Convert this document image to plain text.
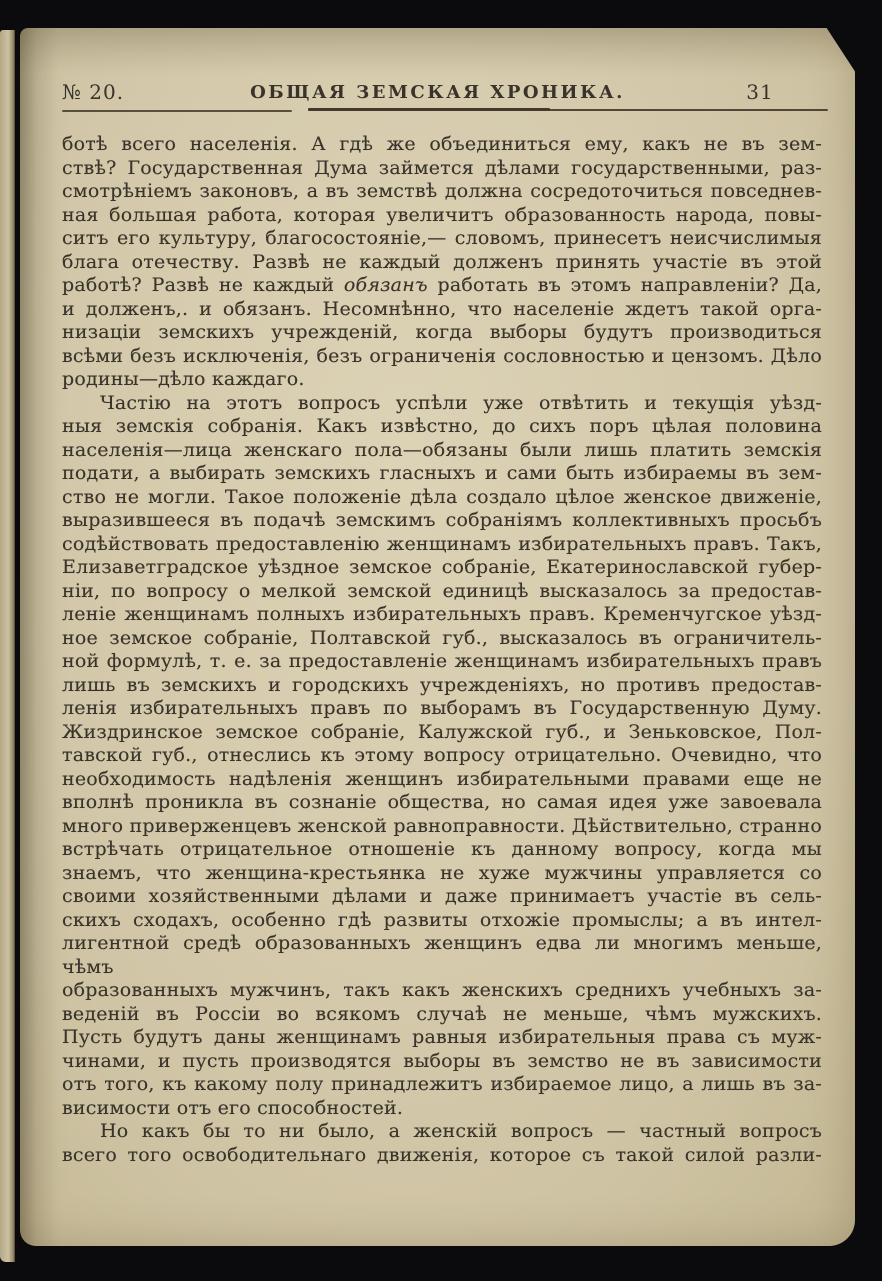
№ 20.	ОБЩАЯ ЗЕМСКАЯ ХРОНИКА.	31
ботѣ всего населенія. А гдѣ же объединиться ему, какъ не въ зем-
ствѣ? Государственная Дума займется дѣлами государственными, раз-
смотрѣніемъ законовъ, а въ земствѣ должна сосредоточиться повседнев-
ная большая работа, которая увеличитъ образованность народа, повы-
ситъ его культуру, благосостояніе,— словомъ, принесетъ неисчислимыя
блага отечеству. Развѣ не каждый долженъ принять участіе въ этой
работѣ? Развѣ не каждый обязанъ работать въ этомъ направленіи? Да,
и долженъ,. и обязанъ. Несомнѣнно, что населеніе ждетъ такой орга-
низаціи земскихъ учрежденій, когда выборы будутъ производиться
всѣми безъ исключенія, безъ ограниченія сословностью и цензомъ. Дѣло
родины—дѣло каждаго.
Частію на этотъ вопросъ успѣли уже отвѣтить и текущія уѣзд-
ныя земскія собранія. Какъ извѣстно, до сихъ поръ цѣлая половина
населенія—лица женскаго пола—обязаны были лишь платить земскія
подати, а выбирать земскихъ гласныхъ и сами быть избираемы въ зем-
ство не могли. Такое положеніе дѣла создало цѣлое женское движеніе,
выразившееся въ подачѣ земскимъ собраніямъ коллективныхъ просьбъ
содѣйствовать предоставленію женщинамъ избирательныхъ правъ. Такъ,
Елизаветградское уѣздное земское собраніе, Екатеринославской губер-
ніи, по вопросу о мелкой земской единицѣ высказалось за предостав-
леніе женщинамъ полныхъ избирательныхъ правъ. Кременчугское уѣзд-
ное земское собраніе, Полтавской губ., высказалось въ ограничитель-
ной формулѣ, т. е. за предоставленіе женщинамъ избирательныхъ правъ
лишь въ земскихъ и городскихъ учрежденіяхъ, но противъ предостав-
ленія избирательныхъ правъ по выборамъ въ Государственную Думу.
Жиздринское земское собраніе, Калужской губ., и Зеньковское, Пол-
тавской губ., отнеслись къ этому вопросу отрицательно. Очевидно, что
необходимость надѣленія женщинъ избирательными правами еще не
вполнѣ проникла въ сознаніе общества, но самая идея уже завоевала
много приверженцевъ женской равноправности. Дѣйствительно, странно
встрѣчать отрицательное отношеніе къ данному вопросу, когда мы
знаемъ, что женщина-крестьянка не хуже мужчины управляется со
своими хозяйственными дѣлами и даже принимаетъ участіе въ сель-
скихъ сходахъ, особенно гдѣ развиты отхожіе промыслы; а въ интел-
лигентной средѣ образованныхъ женщинъ едва ли многимъ меньше, чѣмъ
образованныхъ мужчинъ, такъ какъ женскихъ среднихъ учебныхъ за-
веденій въ Россіи во всякомъ случаѣ не меньше, чѣмъ мужскихъ.
Пусть будутъ даны женщинамъ равныя избирательныя права съ муж-
чинами, и пусть производятся выборы въ земство не въ зависимости
отъ того, къ какому полу принадлежитъ избираемое лицо, а лишь въ за-
висимости отъ его способностей.
Но какъ бы то ни было, а женскій вопросъ — частный вопросъ
всего того освободительнаго движенія, которое съ такой силой разли-
